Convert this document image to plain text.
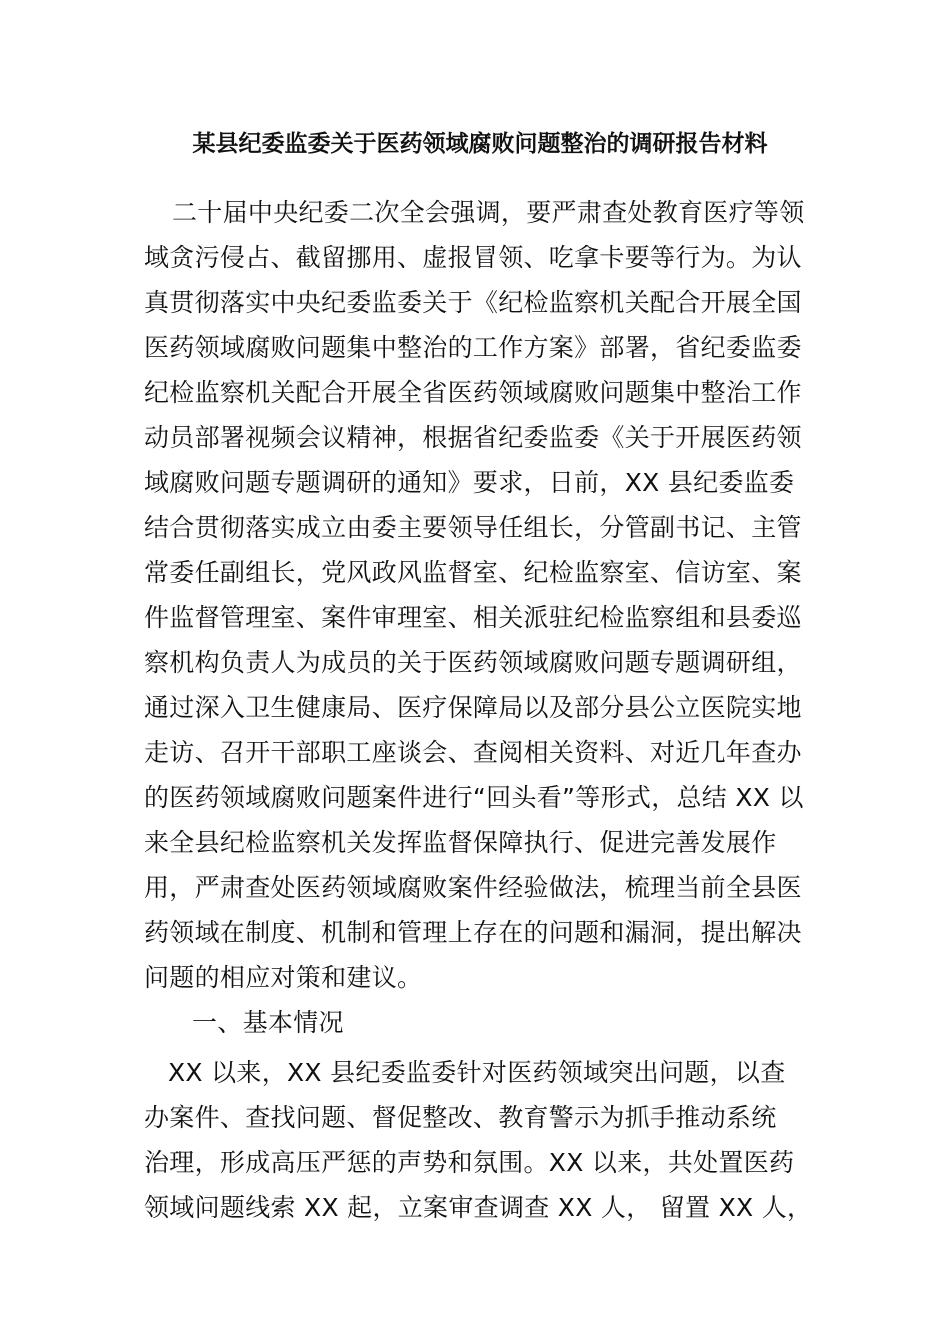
某县纪委监委关于医药领域腐败问题整治的调研报告材料
二十届中央纪委二次全会强调，要严肃查处教育医疗等领
域贪污侵占、截留挪用、虚报冒领、吃拿卡要等行为。为认
真贯彻落实中央纪委监委关于《纪检监察机关配合开展全国
医药领域腐败问题集中整治的工作方案》部署，省纪委监委
纪检监察机关配合开展全省医药领域腐败问题集中整治工作
动员部署视频会议精神，根据省纪委监委《关于开展医药领
域腐败问题专题调研的通知》要求，日前，XX 县纪委监委
结合贯彻落实成立由委主要领导任组长，分管副书记、主管
常委任副组长，党风政风监督室、纪检监察室、信访室、案
件监督管理室、案件审理室、相关派驻纪检监察组和县委巡
察机构负责人为成员的关于医药领域腐败问题专题调研组，
通过深入卫生健康局、医疗保障局以及部分县公立医院实地
走访、召开干部职工座谈会、查阅相关资料、对近几年查办
的医药领域腐败问题案件进行“回头看”等形式，总结 XX 以
来全县纪检监察机关发挥监督保障执行、促进完善发展作
用，严肃查处医药领域腐败案件经验做法，梳理当前全县医
药领域在制度、机制和管理上存在的问题和漏洞，提出解决
问题的相应对策和建议。
一、基本情况
XX 以来，XX 县纪委监委针对医药领域突出问题，以查
办案件、查找问题、督促整改、教育警示为抓手推动系统
治理，形成高压严惩的声势和氛围。XX 以来，共处置医药
领域问题线索 XX 起，立案审查调查 XX 人， 留置 XX 人，
